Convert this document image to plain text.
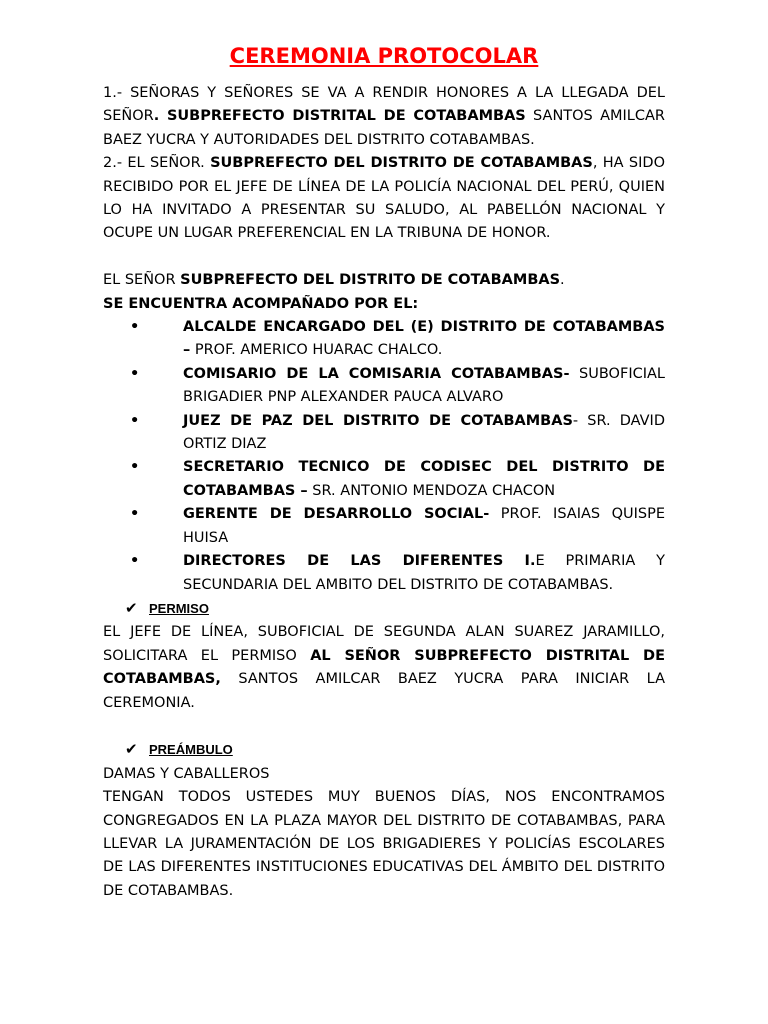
CEREMONIA PROTOCOLAR

1.- SEÑORAS Y SEÑORES SE VA A RENDIR HONORES A LA LLEGADA DEL SEÑOR. SUBPREFECTO DISTRITAL DE COTABAMBAS SANTOS AMILCAR BAEZ YUCRA Y AUTORIDADES DEL DISTRITO COTABAMBAS.

2.- EL SEÑOR. SUBPREFECTO DEL DISTRITO DE COTABAMBAS, HA SIDO RECIBIDO POR EL JEFE DE LÍNEA DE LA POLICÍA NACIONAL DEL PERÚ, QUIEN LO HA INVITADO A PRESENTAR SU SALUDO, AL PABELLÓN NACIONAL Y OCUPE UN LUGAR PREFERENCIAL EN LA TRIBUNA DE HONOR.

EL SEÑOR SUBPREFECTO DEL DISTRITO DE COTABAMBAS.

SE ENCUENTRA ACOMPAÑADO POR EL:

•	ALCALDE ENCARGADO DEL (E) DISTRITO DE COTABAMBAS – PROF. AMERICO HUARAC CHALCO.
•	COMISARIO DE LA COMISARIA COTABAMBAS- SUBOFICIAL BRIGADIER PNP ALEXANDER PAUCA ALVARO
•	JUEZ DE PAZ DEL DISTRITO DE COTABAMBAS- SR. DAVID ORTIZ DIAZ
•	SECRETARIO TECNICO DE CODISEC DEL DISTRITO DE COTABAMBAS – SR. ANTONIO MENDOZA CHACON
•	GERENTE DE DESARROLLO SOCIAL- PROF. ISAIAS QUISPE HUISA
•	DIRECTORES DE LAS DIFERENTES I.E PRIMARIA Y SECUNDARIA DEL AMBITO DEL DISTRITO DE COTABAMBAS.
✔ PERMISO

EL JEFE DE LÍNEA, SUBOFICIAL DE SEGUNDA ALAN SUAREZ JARAMILLO, SOLICITARA EL PERMISO AL SEÑOR SUBPREFECTO DISTRITAL DE COTABAMBAS, SANTOS AMILCAR BAEZ YUCRA PARA INICIAR LA CEREMONIA.

✔ PREÁMBULO

DAMAS Y CABALLEROS

TENGAN TODOS USTEDES MUY BUENOS DÍAS, NOS ENCONTRAMOS CONGREGADOS EN LA PLAZA MAYOR DEL DISTRITO DE COTABAMBAS, PARA LLEVAR LA JURAMENTACIÓN DE LOS BRIGADIERES Y POLICÍAS ESCOLARES DE LAS DIFERENTES INSTITUCIONES EDUCATIVAS DEL ÁMBITO DEL DISTRITO DE COTABAMBAS.
